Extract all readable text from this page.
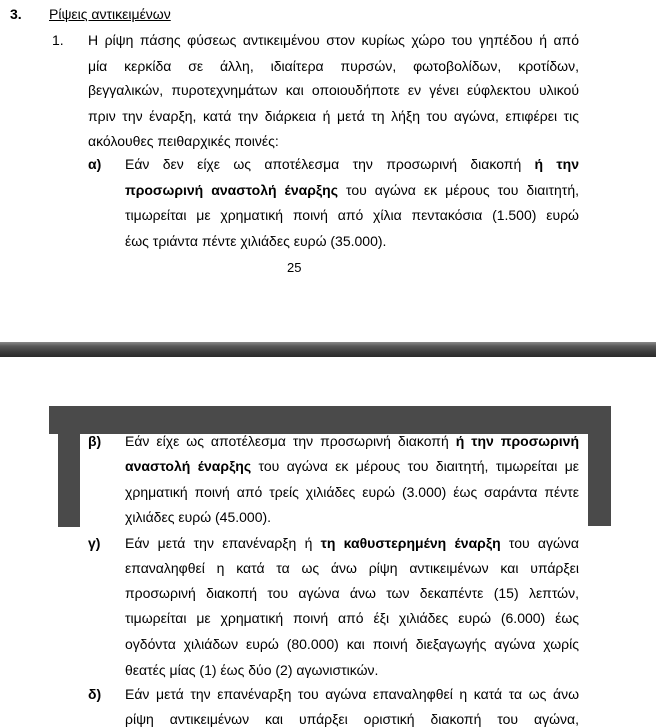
3. Ρίψεις αντικειμένων
1. Η ρίψη πάσης φύσεως αντικειμένου στον κυρίως χώρο του γηπέδου ή από
μία κερκίδα σε άλλη, ιδιαίτερα πυρσών, φωτοβολίδων, κροτίδων,
βεγγαλικών, πυροτεχνημάτων και οποιουδήποτε εν γένει εύφλεκτου υλικού
πριν την έναρξη, κατά την διάρκεια ή μετά τη λήξη του αγώνα, επιφέρει τις
ακόλουθες πειθαρχικές ποινές:
α) Εάν δεν είχε ως αποτέλεσμα την προσωρινή διακοπή ή την
προσωρινή αναστολή έναρξης του αγώνα εκ μέρους του διαιτητή,
τιμωρείται με χρηματική ποινή από χίλια πεντακόσια (1.500) ευρώ
έως τριάντα πέντε χιλιάδες ευρώ (35.000).
25
β) Εάν είχε ως αποτέλεσμα την προσωρινή διακοπή ή την προσωρινή
αναστολή έναρξης του αγώνα εκ μέρους του διαιτητή, τιμωρείται με
χρηματική ποινή από τρείς χιλιάδες ευρώ (3.000) έως σαράντα πέντε
χιλιάδες ευρώ (45.000).
γ) Εάν μετά την επανέναρξη ή τη καθυστερημένη έναρξη του αγώνα
επαναληφθεί η κατά τα ως άνω ρίψη αντικειμένων και υπάρξει
προσωρινή διακοπή του αγώνα άνω των δεκαπέντε (15) λεπτών,
τιμωρείται με χρηματική ποινή από έξι χιλιάδες ευρώ (6.000) έως
ογδόντα χιλιάδων ευρώ (80.000) και ποινή διεξαγωγής αγώνα χωρίς
θεατές μίας (1) έως δύο (2) αγωνιστικών.
δ) Εάν μετά την επανέναρξη του αγώνα επαναληφθεί η κατά τα ως άνω
ρίψη αντικειμένων και υπάρξει οριστική διακοπή του αγώνα,
